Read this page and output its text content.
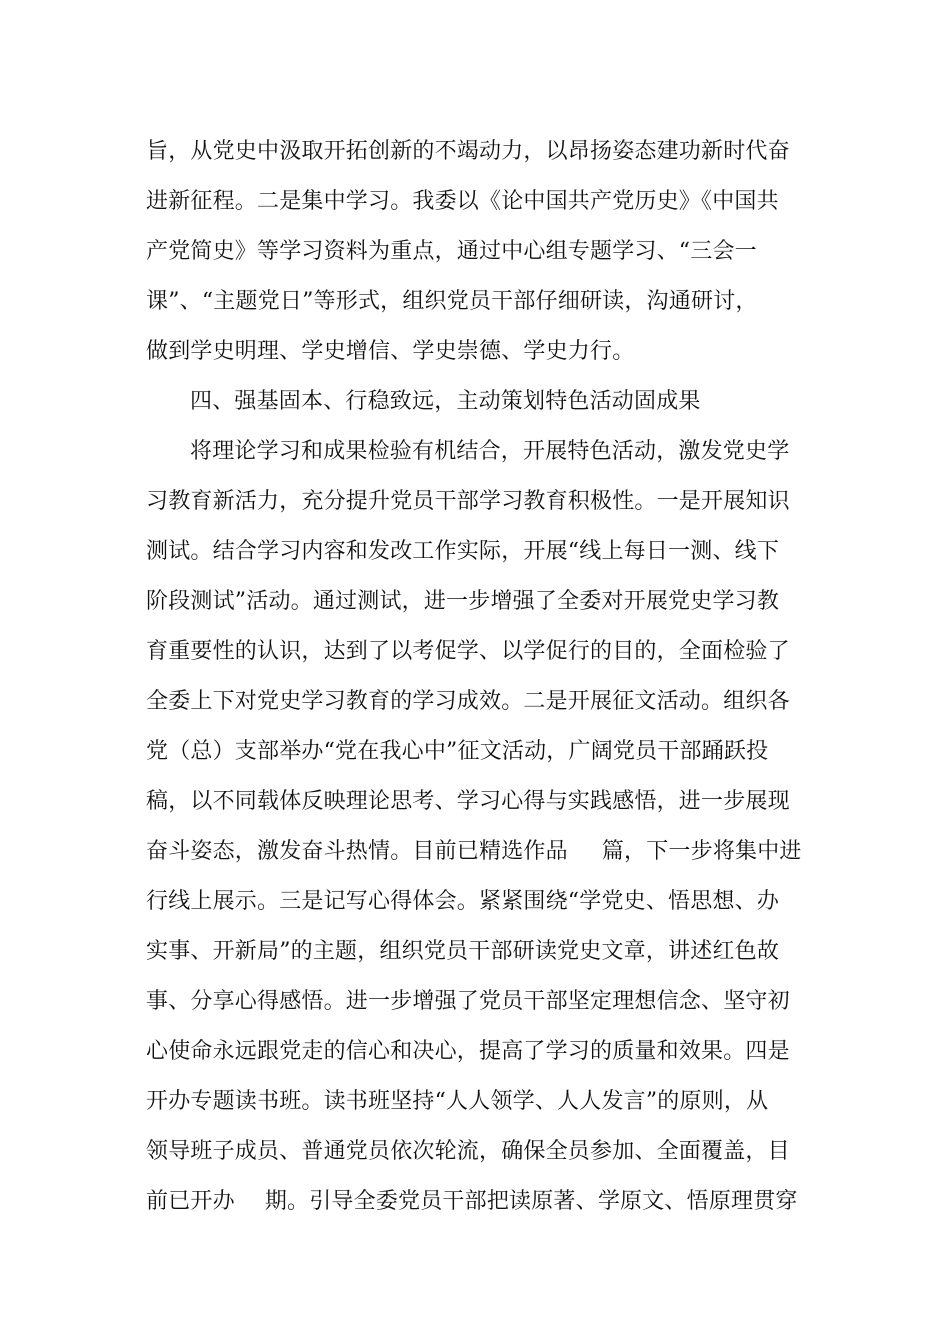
旨，从党史中汲取开拓创新的不竭动力，以昂扬姿态建功新时代奋
进新征程。二是集中学习。我委以《论中国共产党历史》《中国共
产党简史》等学习资料为重点，通过中心组专题学习、“三会一
课”、“主题党日”等形式，组织党员干部仔细研读，沟通研讨，
做到学史明理、学史增信、学史崇德、学史力行。
四、强基固本、行稳致远，主动策划特色活动固成果
将理论学习和成果检验有机结合，开展特色活动，激发党史学
习教育新活力，充分提升党员干部学习教育积极性。一是开展知识
测试。结合学习内容和发改工作实际，开展“线上每日一测、线下
阶段测试”活动。通过测试，进一步增强了全委对开展党史学习教
育重要性的认识，达到了以考促学、以学促行的目的，全面检验了
全委上下对党史学习教育的学习成效。二是开展征文活动。组织各
党（总）支部举办“党在我心中”征文活动，广阔党员干部踊跃投
稿，以不同载体反映理论思考、学习心得与实践感悟，进一步展现
奋斗姿态，激发奋斗热情。目前已精选作品 篇，下一步将集中进
行线上展示。三是记写心得体会。紧紧围绕“学党史、悟思想、办
实事、开新局”的主题，组织党员干部研读党史文章，讲述红色故
事、分享心得感悟。进一步增强了党员干部坚定理想信念、坚守初
心使命永远跟党走的信心和决心，提高了学习的质量和效果。四是
开办专题读书班。读书班坚持“人人领学、人人发言”的原则，从
领导班子成员、普通党员依次轮流，确保全员参加、全面覆盖，目
前已开办 期。引导全委党员干部把读原著、学原文、悟原理贯穿
